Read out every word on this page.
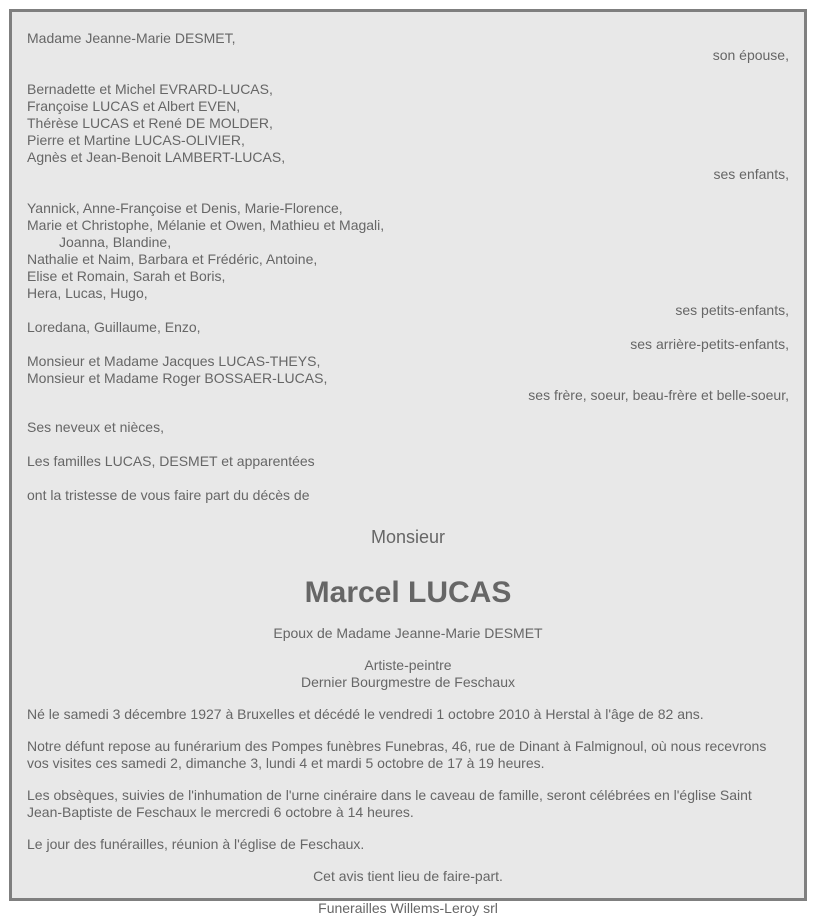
Madame Jeanne-Marie DESMET,
son épouse,
Bernadette et Michel EVRARD-LUCAS,
Françoise LUCAS et Albert EVEN,
Thérèse LUCAS et René DE MOLDER,
Pierre et Martine LUCAS-OLIVIER,
Agnès et Jean-Benoit LAMBERT-LUCAS,
ses enfants,
Yannick, Anne-Françoise et Denis, Marie-Florence,
Marie et Christophe, Mélanie et Owen, Mathieu et Magali,
Joanna, Blandine,
Nathalie et Naim, Barbara et Frédéric, Antoine,
Elise et Romain, Sarah et Boris,
Hera, Lucas, Hugo,
ses petits-enfants,
Loredana, Guillaume, Enzo,
ses arrière-petits-enfants,
Monsieur et Madame Jacques LUCAS-THEYS,
Monsieur et Madame Roger BOSSAER-LUCAS,
ses frère, soeur, beau-frère et belle-soeur,
Ses neveux et nièces,
Les familles LUCAS, DESMET et apparentées
ont la tristesse de vous faire part du décès de
Monsieur
Marcel LUCAS
Epoux de Madame Jeanne-Marie DESMET
Artiste-peintre
Dernier Bourgmestre de Feschaux

Né le samedi 3 décembre 1927 à Bruxelles et décédé le vendredi 1 octobre 2010 à Herstal à l'âge de 82 ans.

Notre défunt repose au funérarium des Pompes funèbres Funebras, 46, rue de Dinant à Falmignoul, où nous recevrons vos visites ces samedi 2, dimanche 3, lundi 4 et mardi 5 octobre de 17 à 19 heures.

Les obsèques, suivies de l'inhumation de l'urne cinéraire dans le caveau de famille, seront célébrées en l'église Saint Jean-Baptiste de Feschaux le mercredi 6 octobre à 14 heures.

Le jour des funérailles, réunion à l'église de Feschaux.

Cet avis tient lieu de faire-part.
Funerailles Willems-Leroy srl
